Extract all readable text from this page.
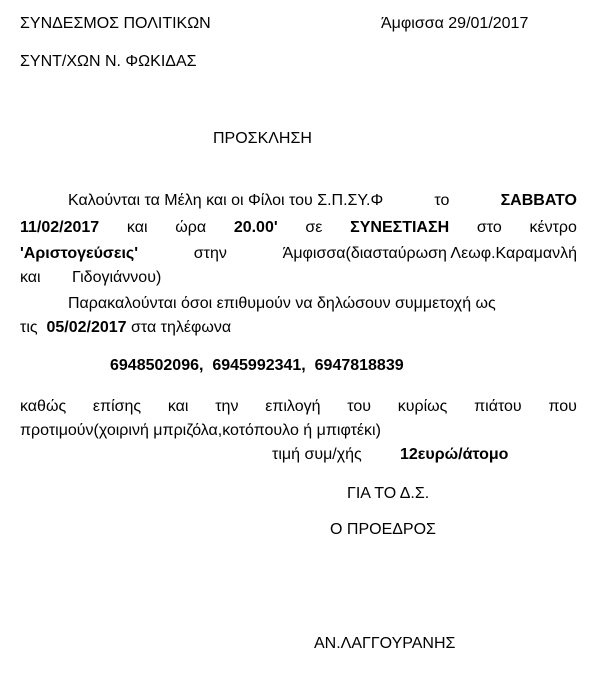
ΣΥΝΔΕΣΜΟΣ ΠΟΛΙΤΙΚΩΝ	Άμφισσα 29/01/2017
ΣΥΝΤ/ΧΩΝ Ν. ΦΩΚΙΔΑΣ
ΠΡΟΣΚΛΗΣΗ
Καλούνται τα Μέλη και οι Φίλοι του Σ.Π.ΣΥ.Φ	το	ΣΑΒΒΑΤΟ
11/02/2017 και ώρα 20.00' σε ΣΥΝΕΣΤΙΑΣΗ στο κέντρο
'Αριστογεύσεις'	στην	Άμφισσα(διασταύρωση Λεωφ.Καραμανλή
και Γιδογιάννου)
Παρακαλούνται όσοι επιθυμούν να δηλώσουν συμμετοχή ως
τις 05/02/2017 στα τηλέφωνα
6948502096,  6945992341,  6947818839
καθώς επίσης και την επιλογή του κυρίως πιάτου που
προτιμούν(χοιρινή μπριζόλα,κοτόπουλο ή μπιφτέκι)
τιμή συμ/χής 12ευρώ/άτομο
ΓΙΑ ΤΟ Δ.Σ.
Ο ΠΡΟΕΔΡΟΣ
ΑΝ.ΛΑΓΓΟΥΡΑΝΗΣ
